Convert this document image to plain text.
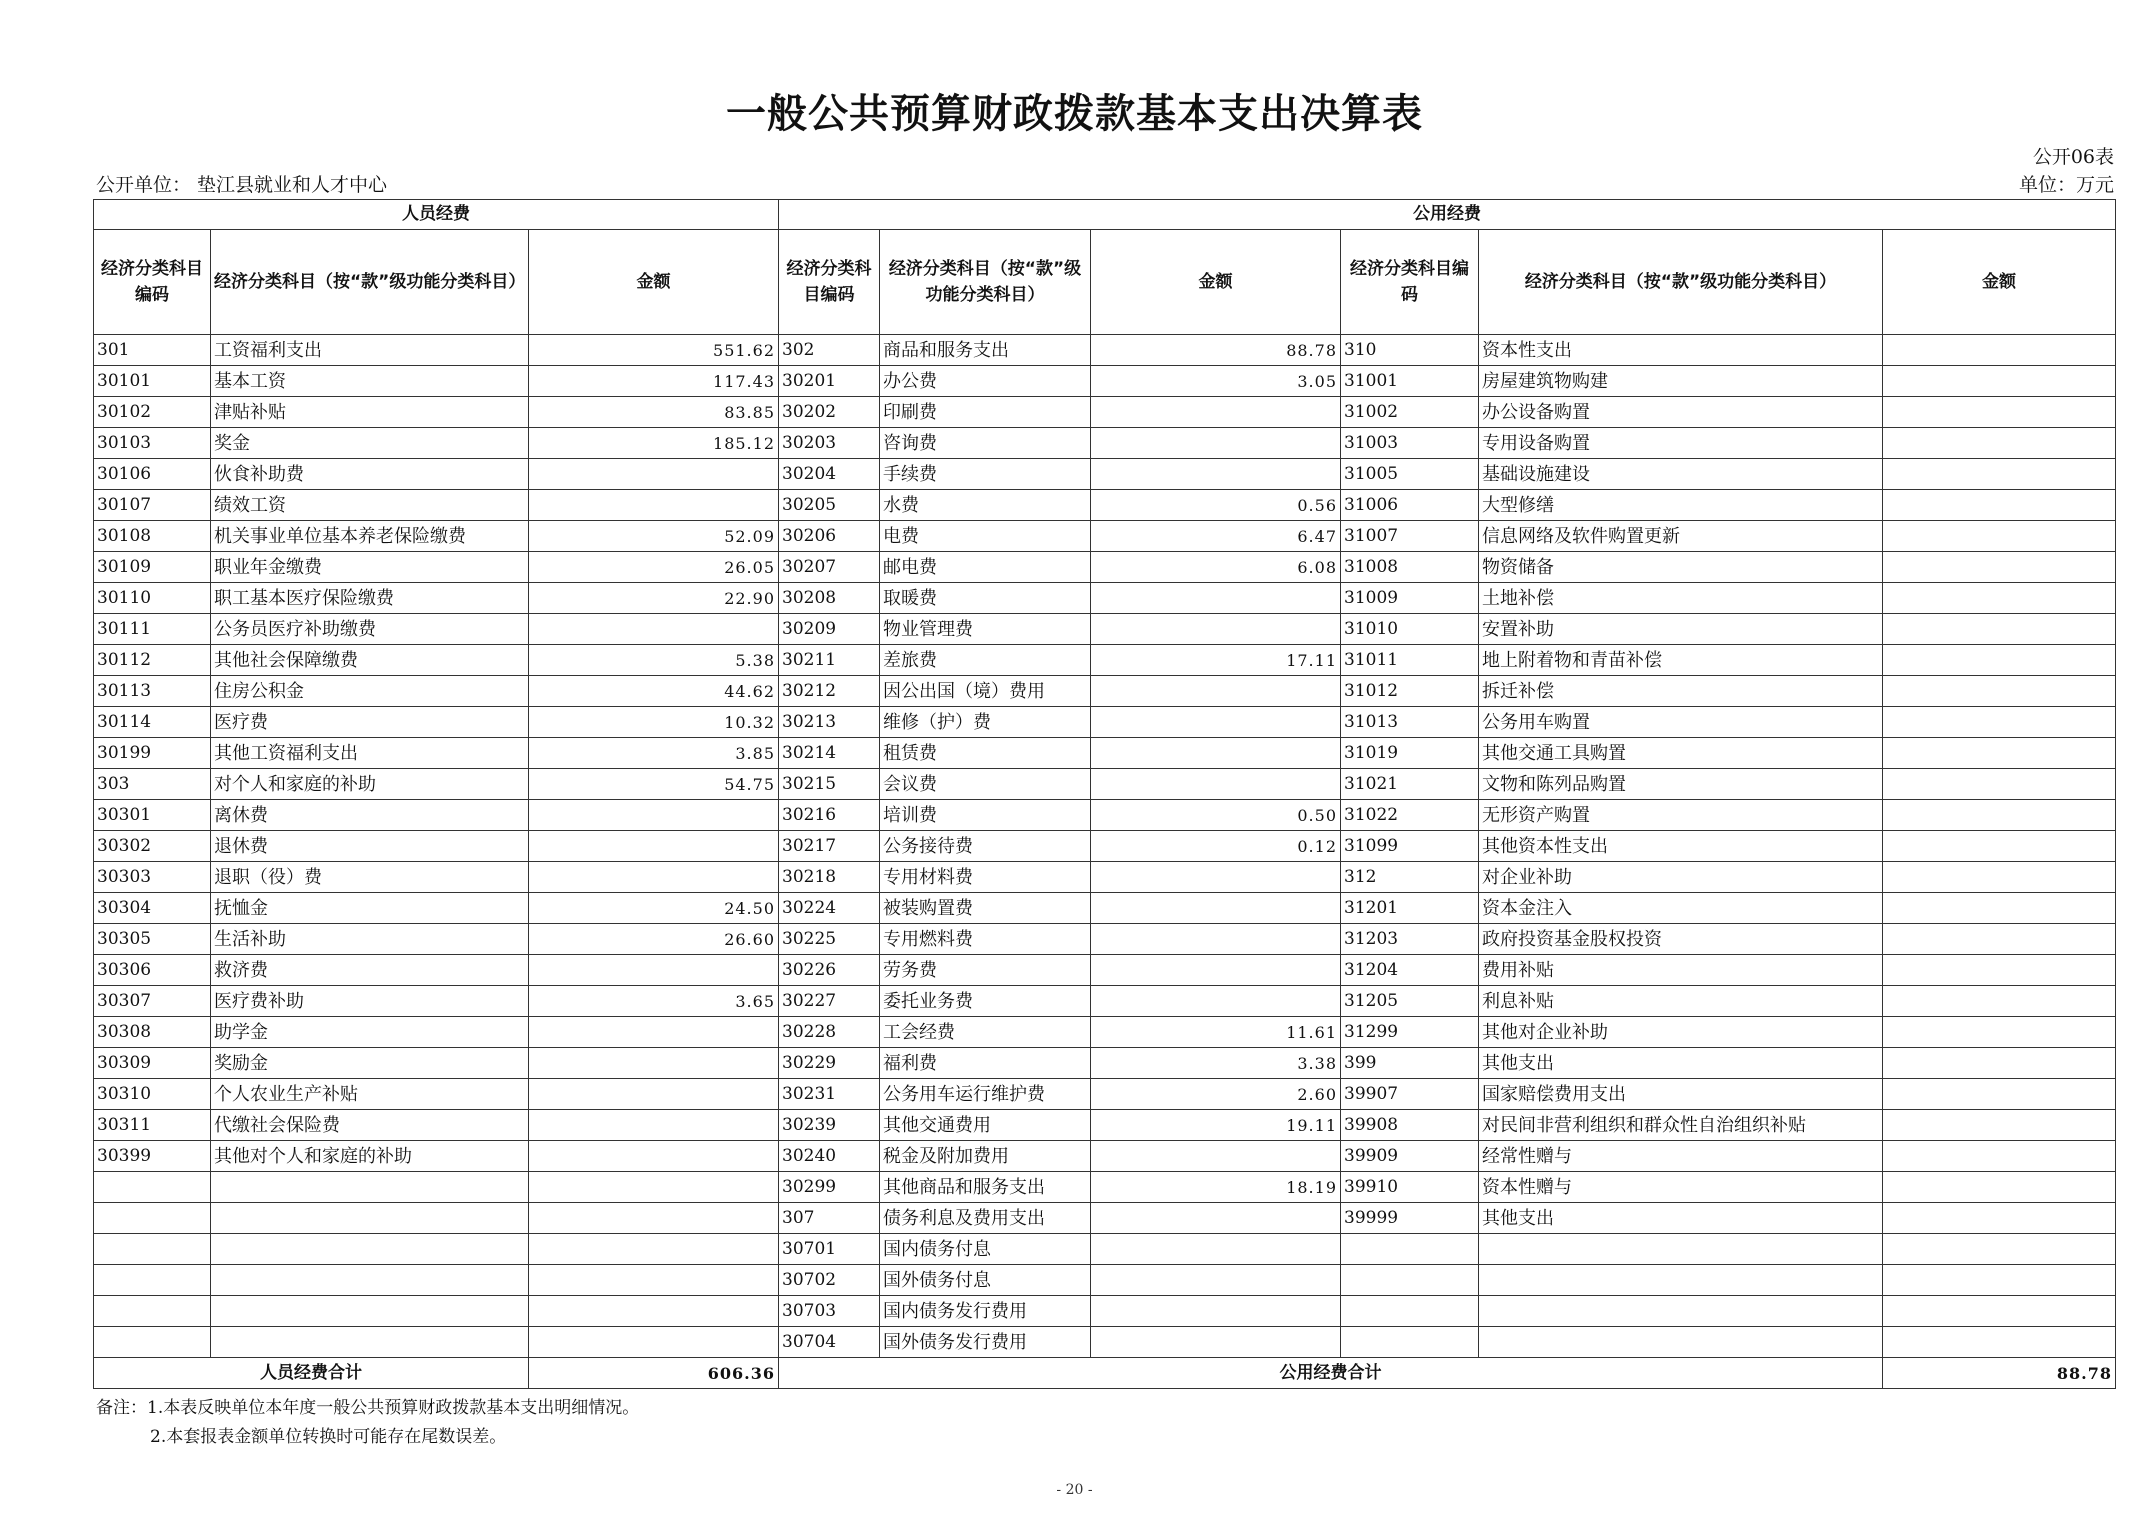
一般公共预算财政拨款基本支出决算表
公开06表
公开单位： 垫江县就业和人才中心	单位：万元
人员经费			公用经费					
经济分类科目编码	经济分类科目（按“款”级功能分类科目）	金额	经济分类科目编码	经济分类科目（按“款”级功能分类科目）	金额	经济分类科目编码	经济分类科目（按“款”级功能分类科目）	金额
301	工资福利支出	551.62	302	商品和服务支出	88.78	310	资本性支出	
30101	基本工资	117.43	30201	办公费	3.05	31001	房屋建筑物购建	
30102	津贴补贴	83.85	30202	印刷费		31002	办公设备购置	
30103	奖金	185.12	30203	咨询费		31003	专用设备购置	
30106	伙食补助费		30204	手续费		31005	基础设施建设	
30107	绩效工资		30205	水费	0.56	31006	大型修缮	
30108	机关事业单位基本养老保险缴费	52.09	30206	电费	6.47	31007	信息网络及软件购置更新	
30109	职业年金缴费	26.05	30207	邮电费	6.08	31008	物资储备	
30110	职工基本医疗保险缴费	22.90	30208	取暖费		31009	土地补偿	
30111	公务员医疗补助缴费		30209	物业管理费		31010	安置补助	
30112	其他社会保障缴费	5.38	30211	差旅费	17.11	31011	地上附着物和青苗补偿	
30113	住房公积金	44.62	30212	因公出国（境）费用		31012	拆迁补偿	
30114	医疗费	10.32	30213	维修（护）费		31013	公务用车购置	
30199	其他工资福利支出	3.85	30214	租赁费		31019	其他交通工具购置	
303	对个人和家庭的补助	54.75	30215	会议费		31021	文物和陈列品购置	
30301	离休费		30216	培训费	0.50	31022	无形资产购置	
30302	退休费		30217	公务接待费	0.12	31099	其他资本性支出	
30303	退职（役）费		30218	专用材料费		312	对企业补助	
30304	抚恤金	24.50	30224	被装购置费		31201	资本金注入	
30305	生活补助	26.60	30225	专用燃料费		31203	政府投资基金股权投资	
30306	救济费		30226	劳务费		31204	费用补贴	
30307	医疗费补助	3.65	30227	委托业务费		31205	利息补贴	
30308	助学金		30228	工会经费	11.61	31299	其他对企业补助	
30309	奖励金		30229	福利费	3.38	399	其他支出	
30310	个人农业生产补贴		30231	公务用车运行维护费	2.60	39907	国家赔偿费用支出	
30311	代缴社会保险费		30239	其他交通费用	19.11	39908	对民间非营利组织和群众性自治组织补贴	
30399	其他对个人和家庭的补助		30240	税金及附加费用		39909	经常性赠与	
			30299	其他商品和服务支出	18.19	39910	资本性赠与	
			307	债务利息及费用支出		39999	其他支出	
			30701	国内债务付息				
			30702	国外债务付息				
			30703	国内债务发行费用				
			30704	国外债务发行费用				
人员经费合计		606.36	公用经费合计					88.78
备注：1.本表反映单位本年度一般公共预算财政拨款基本支出明细情况。
2.本套报表金额单位转换时可能存在尾数误差。
- 20 -
